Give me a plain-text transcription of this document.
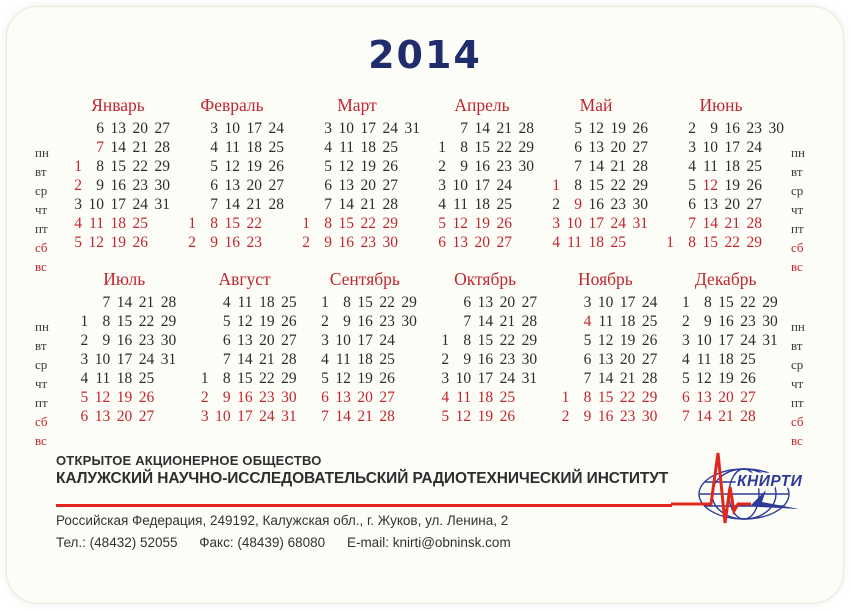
2014
пн
вт
ср
чт
пт
сб
вс
Январь
6 13 20 27
7 14 21 28
1 8 15 22 29
2 9 16 23 30
3 10 17 24 31
4 11 18 25
5 12 19 26
Февраль
3 10 17 24
4 11 18 25
5 12 19 26
6 13 20 27
7 14 21 28
1 8 15 22
2 9 16 23
Март
3 10 17 24 31
4 11 18 25
5 12 19 26
6 13 20 27
7 14 21 28
1 8 15 22 29
2 9 16 23 30
Апрель
7 14 21 28
1 8 15 22 29
2 9 16 23 30
3 10 17 24
4 11 18 25
5 12 19 26
6 13 20 27
Май
5 12 19 26
6 13 20 27
7 14 21 28
1 8 15 22 29
2 9 16 23 30
3 10 17 24 31
4 11 18 25
Июнь
2 9 16 23 30
3 10 17 24
4 11 18 25
5 12 19 26
6 13 20 27
7 14 21 28
1 8 15 22 29
пн
вт
ср
чт
пт
сб
вс
пн
вт
ср
чт
пт
сб
вс
Июль
7 14 21 28
1 8 15 22 29
2 9 16 23 30
3 10 17 24 31
4 11 18 25
5 12 19 26
6 13 20 27
Август
4 11 18 25
5 12 19 26
6 13 20 27
7 14 21 28
1 8 15 22 29
2 9 16 23 30
3 10 17 24 31
Сентябрь
1 8 15 22 29
2 9 16 23 30
3 10 17 24
4 11 18 25
5 12 19 26
6 13 20 27
7 14 21 28
Октябрь
6 13 20 27
7 14 21 28
1 8 15 22 29
2 9 16 23 30
3 10 17 24 31
4 11 18 25
5 12 19 26
Ноябрь
3 10 17 24
4 11 18 25
5 12 19 26
6 13 20 27
7 14 21 28
1 8 15 22 29
2 9 16 23 30
Декабрь
1 8 15 22 29
2 9 16 23 30
3 10 17 24 31
4 11 18 25
5 12 19 26
6 13 20 27
7 14 21 28
пн
вт
ср
чт
пт
сб
вс
ОТКРЫТОЕ АКЦИОНЕРНОЕ ОБЩЕСТВО
КАЛУЖСКИЙ НАУЧНО-ИССЛЕДОВАТЕЛЬСКИЙ РАДИОТЕХНИЧЕСКИЙ ИНСТИТУТ
Российская Федерация, 249192, Калужская обл., г. Жуков, ул. Ленина, 2
Тел.: (48432) 52055 Факс: (48439) 68080 E-mail: knirti@obninsk.com
КНИРТИ
